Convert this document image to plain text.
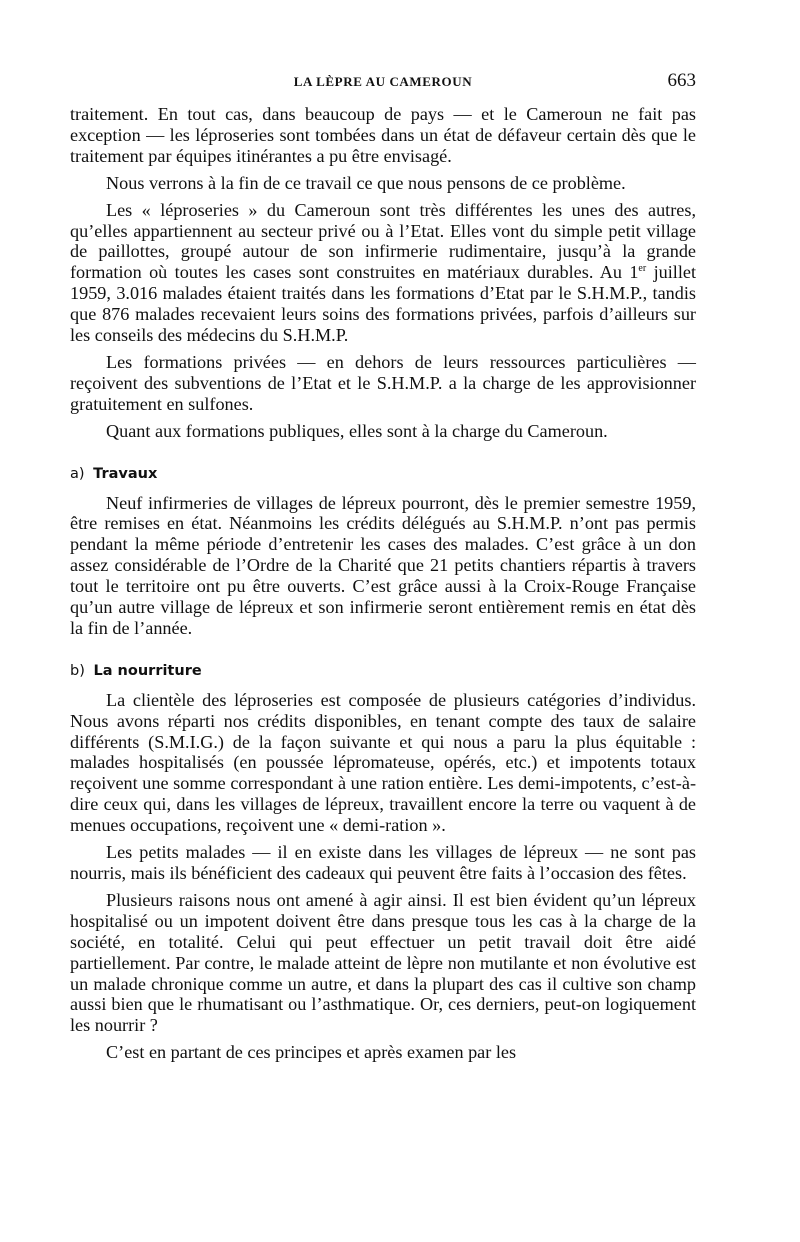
LA LÈPRE AU CAMEROUN	663

traitement. En tout cas, dans beaucoup de pays — et le Cameroun ne fait pas exception — les léproseries sont tombées dans un état de défaveur certain dès que le traitement par équipes itinérantes a pu être envisagé.

Nous verrons à la fin de ce travail ce que nous pensons de ce problème.

Les « léproseries » du Cameroun sont très différentes les unes des autres, qu’elles appartiennent au secteur privé ou à l’Etat. Elles vont du simple petit village de paillottes, groupé autour de son infirmerie rudimentaire, jusqu’à la grande formation où toutes les cases sont construites en matériaux durables. Au 1er juillet 1959, 3.016 malades étaient traités dans les formations d’Etat par le S.H.M.P., tandis que 876 malades recevaient leurs soins des formations privées, parfois d’ailleurs sur les conseils des médecins du S.H.M.P.

Les formations privées — en dehors de leurs ressources particulières — reçoivent des subventions de l’Etat et le S.H.M.P. a la charge de les approvisionner gratuitement en sulfones.

Quant aux formations publiques, elles sont à la charge du Cameroun.

a) Travaux

Neuf infirmeries de villages de lépreux pourront, dès le premier semestre 1959, être remises en état. Néanmoins les crédits délégués au S.H.M.P. n’ont pas permis pendant la même période d’entretenir les cases des malades. C’est grâce à un don assez considérable de l’Ordre de la Charité que 21 petits chantiers répartis à travers tout le territoire ont pu être ouverts. C’est grâce aussi à la Croix-Rouge Française qu’un autre village de lépreux et son infirmerie seront entièrement remis en état dès la fin de l’année.

b) La nourriture

La clientèle des léproseries est composée de plusieurs catégories d’individus. Nous avons réparti nos crédits disponibles, en tenant compte des taux de salaire différents (S.M.I.G.) de la façon suivante et qui nous a paru la plus équitable : malades hospitalisés (en poussée lépromateuse, opérés, etc.) et impotents totaux reçoivent une somme correspondant à une ration entière. Les demi-impotents, c’est-à-dire ceux qui, dans les villages de lépreux, travaillent encore la terre ou vaquent à de menues occupations, reçoivent une « demi-ration ».

Les petits malades — il en existe dans les villages de lépreux — ne sont pas nourris, mais ils bénéficient des cadeaux qui peuvent être faits à l’occasion des fêtes.

Plusieurs raisons nous ont amené à agir ainsi. Il est bien évident qu’un lépreux hospitalisé ou un impotent doivent être dans presque tous les cas à la charge de la société, en totalité. Celui qui peut effectuer un petit travail doit être aidé partiellement. Par contre, le malade atteint de lèpre non mutilante et non évolutive est un malade chronique comme un autre, et dans la plupart des cas il cultive son champ aussi bien que le rhumatisant ou l’asthmatique. Or, ces derniers, peut-on logiquement les nourrir ?

C’est en partant de ces principes et après examen par les
